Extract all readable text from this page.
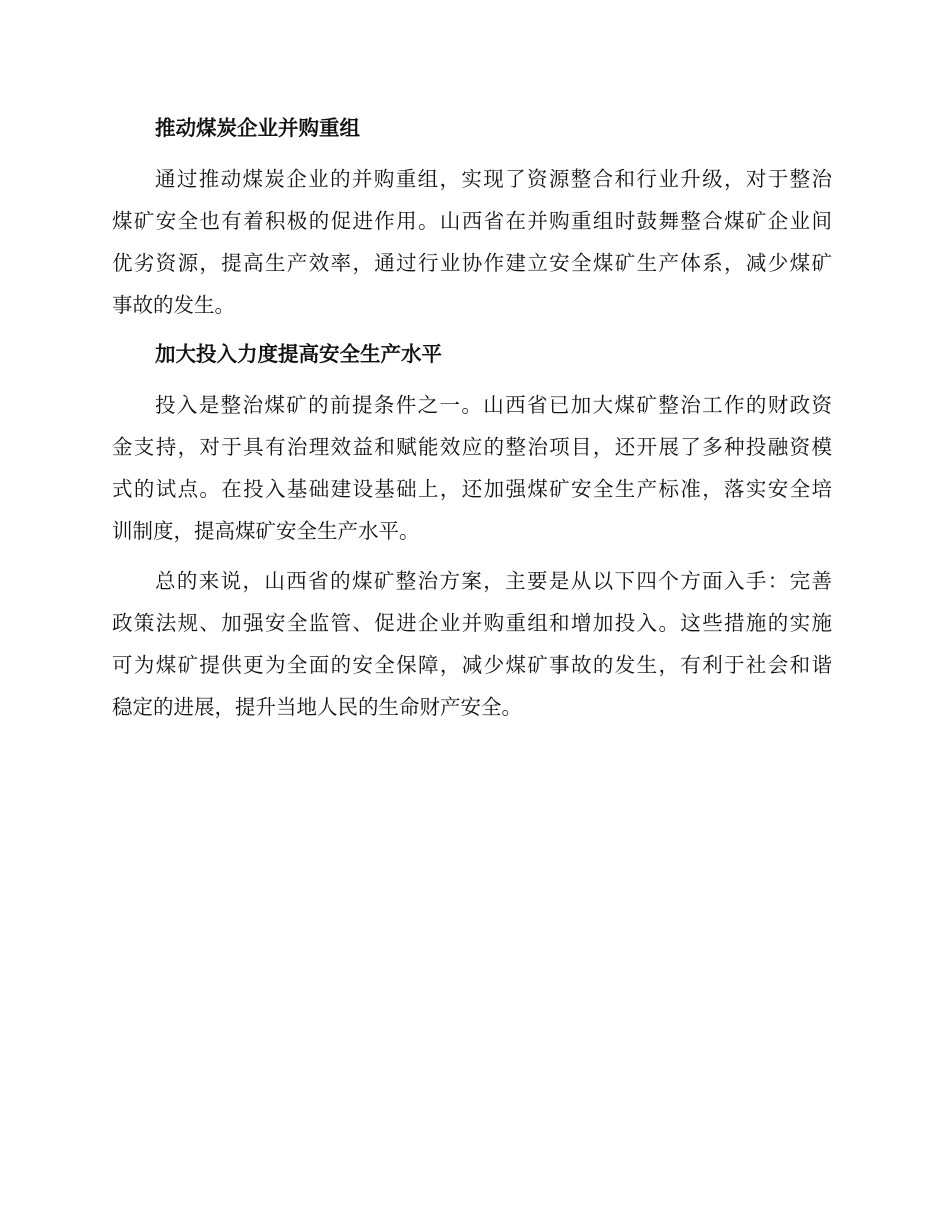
推动煤炭企业并购重组
通过推动煤炭企业的并购重组，实现了资源整合和行业升级，对于整治
煤矿安全也有着积极的促进作用。山西省在并购重组时鼓舞整合煤矿企业间
优劣资源，提高生产效率，通过行业协作建立安全煤矿生产体系，减少煤矿
事故的发生。
加大投入力度提高安全生产水平
投入是整治煤矿的前提条件之一。山西省已加大煤矿整治工作的财政资
金支持，对于具有治理效益和赋能效应的整治项目，还开展了多种投融资模
式的试点。在投入基础建设基础上，还加强煤矿安全生产标准，落实安全培
训制度，提高煤矿安全生产水平。
总的来说，山西省的煤矿整治方案，主要是从以下四个方面入手：完善
政策法规、加强安全监管、促进企业并购重组和增加投入。这些措施的实施
可为煤矿提供更为全面的安全保障，减少煤矿事故的发生，有利于社会和谐
稳定的进展，提升当地人民的生命财产安全。
